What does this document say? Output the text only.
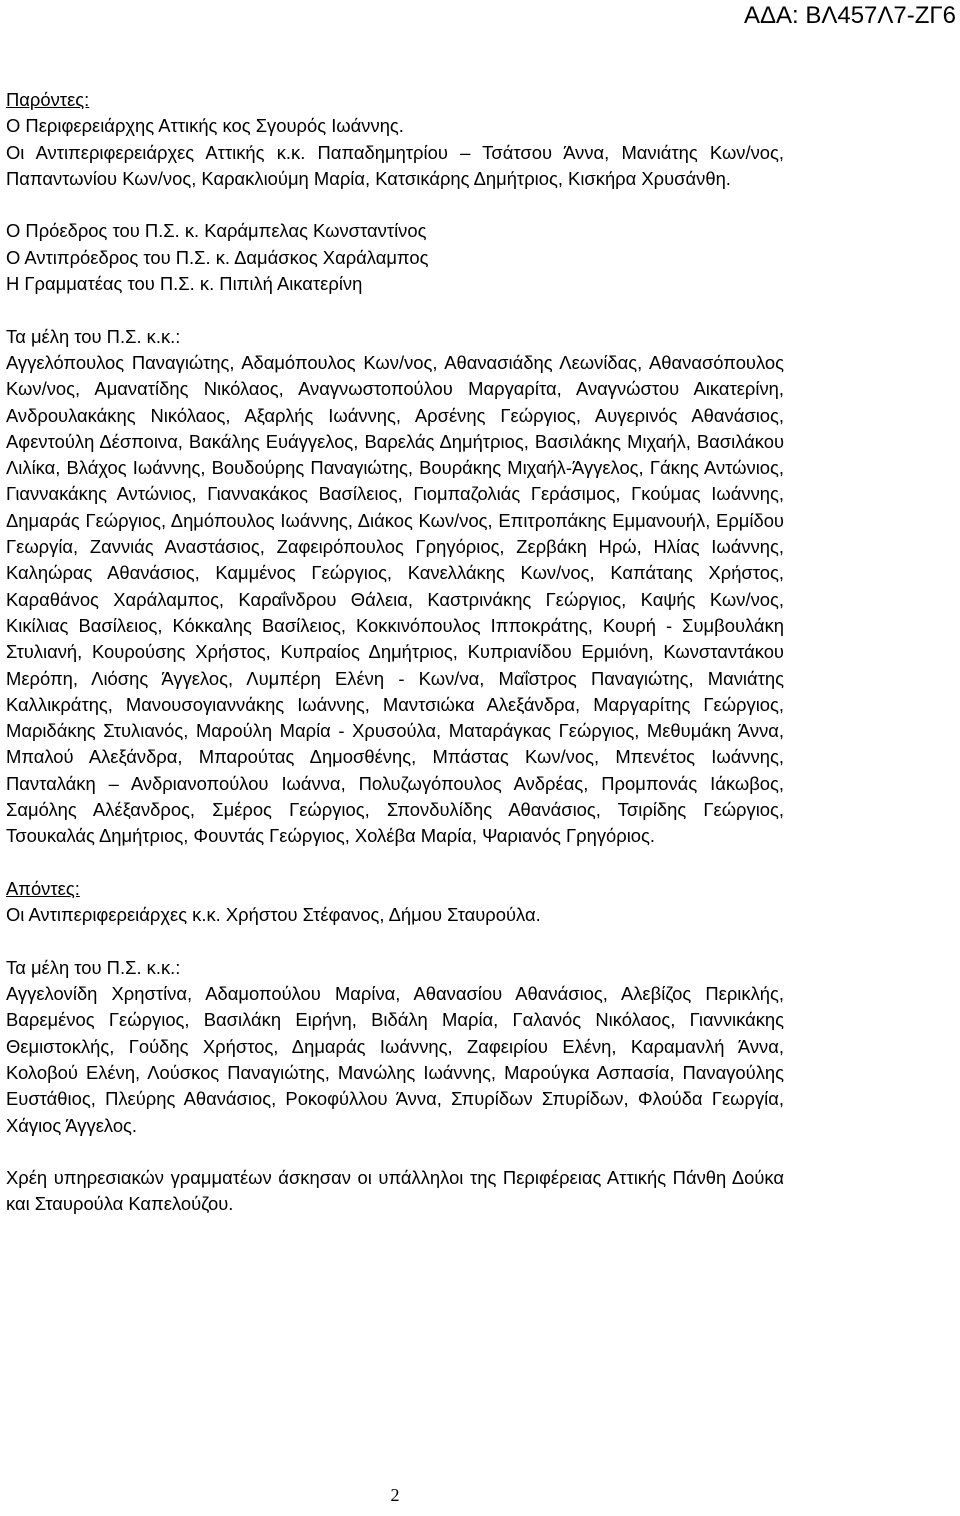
ΑΔΑ: ΒΛ457Λ7-ΖΓ6

Παρόντες:

Ο Περιφερειάρχης Αττικής κος Σγουρός Ιωάννης.

Οι Αντιπεριφερειάρχες Αττικής κ.κ. Παπαδημητρίου – Τσάτσου Άννα, Μανιάτης Κων/νος, Παπαντωνίου Κων/νος, Καρακλιούμη Μαρία, Κατσικάρης Δημήτριος, Κισκήρα Χρυσάνθη.

Ο Πρόεδρος του Π.Σ. κ. Καράμπελας Κωνσταντίνος

Ο Αντιπρόεδρος του Π.Σ. κ. Δαμάσκος Χαράλαμπος

Η Γραμματέας του Π.Σ. κ. Πιπιλή Αικατερίνη

Τα μέλη του Π.Σ. κ.κ.:

Αγγελόπουλος Παναγιώτης, Αδαμόπουλος Κων/νος, Αθανασιάδης Λεωνίδας, Αθανασόπουλος Κων/νος, Αμανατίδης Νικόλαος, Αναγνωστοπούλου Μαργαρίτα, Αναγνώστου Αικατερίνη, Ανδρουλακάκης Νικόλαος, Αξαρλής Ιωάννης, Αρσένης Γεώργιος, Αυγερινός Αθανάσιος, Αφεντούλη Δέσποινα, Βακάλης Ευάγγελος, Βαρελάς Δημήτριος, Βασιλάκης Μιχαήλ, Βασιλάκου Λιλίκα, Βλάχος Ιωάννης, Βουδούρης Παναγιώτης, Βουράκης Μιχαήλ-Άγγελος, Γάκης Αντώνιος, Γιαννακάκης Αντώνιος, Γιαννακάκος Βασίλειος, Γιομπαζολιάς Γεράσιμος, Γκούμας Ιωάννης, Δημαράς Γεώργιος, Δημόπουλος Ιωάννης, Διάκος Κων/νος, Επιτροπάκης Εμμανουήλ, Ερμίδου Γεωργία, Ζαννιάς Αναστάσιος, Ζαφειρόπουλος Γρηγόριος, Ζερβάκη Ηρώ, Ηλίας Ιωάννης, Καληώρας Αθανάσιος, Καμμένος Γεώργιος, Κανελλάκης Κων/νος, Καπάταης Χρήστος, Καραθάνος Χαράλαμπος, Καραΐνδρου Θάλεια, Καστρινάκης Γεώργιος, Καψής Κων/νος, Κικίλιας Βασίλειος, Κόκκαλης Βασίλειος, Κοκκινόπουλος Ιπποκράτης, Κουρή - Συμβουλάκη Στυλιανή, Κουρούσης Χρήστος, Κυπραίος Δημήτριος, Κυπριανίδου Ερμιόνη, Κωνσταντάκου Μερόπη, Λιόσης Άγγελος, Λυμπέρη Ελένη - Κων/να, Μαΐστρος Παναγιώτης, Μανιάτης Καλλικράτης, Μανουσογιαννάκης Ιωάννης, Μαντσιώκα Αλεξάνδρα, Μαργαρίτης Γεώργιος, Μαριδάκης Στυλιανός, Μαρούλη Μαρία - Χρυσούλα, Ματαράγκας Γεώργιος, Μεθυμάκη Άννα, Μπαλού Αλεξάνδρα, Μπαρούτας Δημοσθένης, Μπάστας Κων/νος, Μπενέτος Ιωάννης, Πανταλάκη – Ανδριανοπούλου Ιωάννα, Πολυζωγόπουλος Ανδρέας, Προμπονάς Ιάκωβος, Σαμόλης Αλέξανδρος, Σμέρος Γεώργιος, Σπονδυλίδης Αθανάσιος, Τσιρίδης Γεώργιος, Τσουκαλάς Δημήτριος, Φουντάς Γεώργιος, Χολέβα Μαρία, Ψαριανός Γρηγόριος.

Απόντες:

Οι Αντιπεριφερειάρχες κ.κ. Χρήστου Στέφανος, Δήμου Σταυρούλα.

Τα μέλη του Π.Σ. κ.κ.:

Αγγελονίδη Χρηστίνα, Αδαμοπούλου Μαρίνα, Αθανασίου Αθανάσιος, Αλεβίζος Περικλής, Βαρεμένος Γεώργιος, Βασιλάκη Ειρήνη, Βιδάλη Μαρία, Γαλανός Νικόλαος, Γιαννικάκης Θεμιστοκλής, Γούδης Χρήστος, Δημαράς Ιωάννης, Ζαφειρίου Ελένη, Καραμανλή Άννα, Κολοβού Ελένη, Λούσκος Παναγιώτης, Μανώλης Ιωάννης, Μαρούγκα Ασπασία, Παναγούλης Ευστάθιος, Πλεύρης Αθανάσιος, Ροκοφύλλου Άννα, Σπυρίδων Σπυρίδων, Φλούδα Γεωργία, Χάγιος Άγγελος.

Χρέη υπηρεσιακών γραμματέων άσκησαν οι υπάλληλοι της Περιφέρειας Αττικής Πάνθη Δούκα και Σταυρούλα Καπελούζου.

2
